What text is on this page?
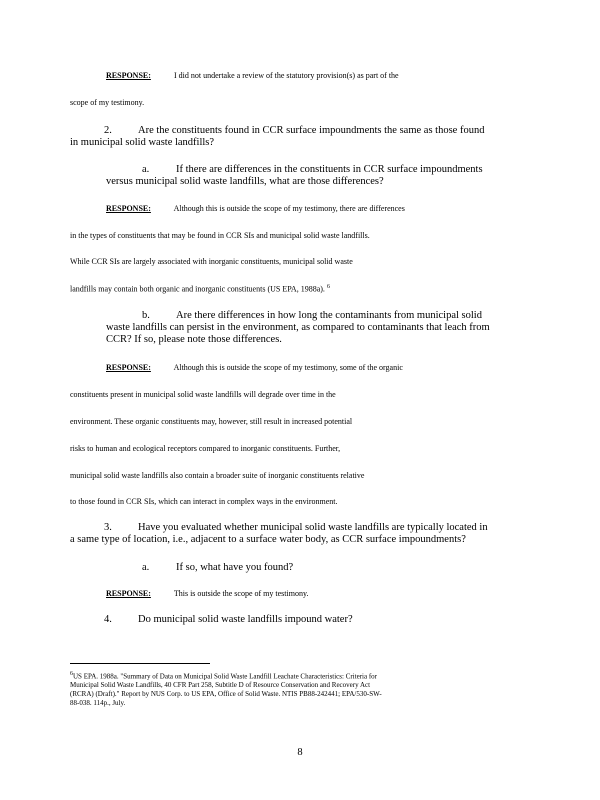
RESPONSE:	I did not undertake a review of the statutory provision(s) as part of the
scope of my testimony.
2. Are the constituents found in CCR surface impoundments the same as those found
in municipal solid waste landfills?
a.	If there are differences in the constituents in CCR surface impoundments
versus municipal solid waste landfills, what are those differences?
RESPONSE:	Although this is outside the scope of my testimony, there are differences
in the types of constituents that may be found in CCR SIs and municipal solid waste landfills.
While CCR SIs are largely associated with inorganic constituents, municipal solid waste
landfills may contain both organic and inorganic constituents (US EPA, 1988a). $^6$
b. Are there differences in how long the contaminants from municipal solid
waste landfills can persist in the environment, as compared to contaminants that leach from
CCR? If so, please note those differences.
RESPONSE:	Although this is outside the scope of my testimony, some of the organic
constituents present in municipal solid waste landfills will degrade over time in the
environment. These organic constituents may, however, still result in increased potential
risks to human and ecological receptors compared to inorganic constituents. Further,
municipal solid waste landfills also contain a broader suite of inorganic constituents relative
to those found in CCR SIs, which can interact in complex ways in the environment.
3. Have you evaluated whether municipal solid waste landfills are typically located in
a same type of location, i.e., adjacent to a surface water body, as CCR surface impoundments?
a.	If so, what have you found?
RESPONSE:	This is outside the scope of my testimony.
4. Do municipal solid waste landfills impound water?
$^6$US EPA. 1988a. "Summary of Data on Municipal Solid Waste Landfill Leachate Characteristics: Criteria for
Municipal Solid Waste Landfills, 40 CFR Part 258, Subtitle D of Resource Conservation and Recovery Act
(RCRA) (Draft)." Report by NUS Corp. to US EPA, Office of Solid Waste. NTIS PB88-242441; EPA/530-SW-
88-038. 114p., July.
8
